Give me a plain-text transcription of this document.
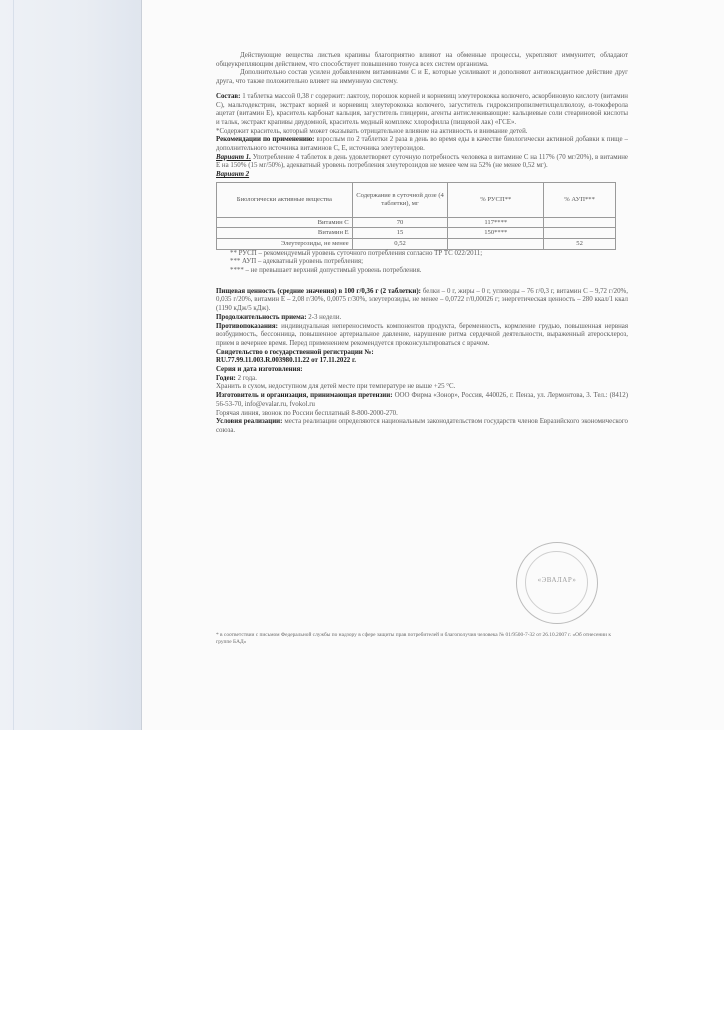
Действующие вещества листьев крапивы благоприятно влияют на обменные процессы, укрепляют иммунитет, обладают общеукрепляющим действием, что способствует повышению тонуса всех систем организма.

Дополнительно состав усилен добавлением витаминами С и Е, которые усиливают и дополняют антиоксидантное действие друг друга, что также положительно влияет на иммунную систему.

Состав: 1 таблетка массой 0,38 г содержит: лактозу, порошок корней и корневищ элеутерококка колючего, аскорбиновую кислоту (витамин С), мальтодекстрин, экстракт корней и корневищ элеутерококка колючего, загуститель гидроксипропилметилцеллюлозу, α-токоферола ацетат (витамин Е), краситель карбонат кальция, загуститель глицерин, агенты антислеживающие: кальциевые соли стеариновой кислоты и тальк, экстракт крапивы двудомной, краситель медный комплекс хлорофилла (пищевой лак) «ГСЕ».

*Содержит краситель, который может оказывать отрицательное влияние на активность и внимание детей.

Рекомендации по применению: взрослым по 2 таблетки 2 раза в день во время еды в качестве биологически активной добавки к пище – дополнительного источника витаминов С, Е, источника элеутерозидов.

Вариант 1. Употребление 4 таблеток в день удовлетворяет суточную потребность человека в витамине С на 117% (70 мг/20%), в витамине Е на 150% (15 мг/50%), адекватный уровень потребления элеутерозидов не менее чем на 52% (не менее 0,52 мг).

Вариант 2

Биологически активные вещества	Содержание в суточной дозе (4 таблетки), мг	% РУСП**	% АУП***
Витамин С	70	117****	
Витамин Е	15	150****	
Элеутерозиды, не менее	0,52		52

** РУСП – рекомендуемый уровень суточного потребления согласно ТР ТС 022/2011;

*** АУП – адекватный уровень потребления;

**** – не превышает верхний допустимый уровень потребления.

Пищевая ценность (средние значения) в 100 г/0,36 г (2 таблетки): белки – 0 г, жиры – 0 г, углеводы – 76 г/0,3 г, витамин С – 9,72 г/20%, 0,035 г/20%, витамин Е – 2,08 г/30%, 0,0075 г/30%, элеутерозиды, не менее – 0,0722 г/0,00026 г; энергетическая ценность – 280 ккал/1 ккал (1190 кДж/5 кДж).

Продолжительность приема: 2-3 недели.

Противопоказания: индивидуальная непереносимость компонентов продукта, беременность, кормление грудью, повышенная нервная возбудимость, бессонница, повышенное артериальное давление, нарушение ритма сердечной деятельности, выраженный атеросклероз, прием в вечернее время. Перед применением рекомендуется проконсультироваться с врачом.

Свидетельство о государственной регистрации №:

RU.77.99.11.003.R.003980.11.22 от 17.11.2022 г.

Серия и дата изготовления:

Годен: 2 года.

Хранить в сухом, недоступном для детей месте при температуре не выше +25 °С.

Изготовитель и организация, принимающая претензии: ООО Фирма «Зонор», Россия, 440026, г. Пенза, ул. Лермонтова, 3. Тел.: (8412) 56-53-70, info@evalar.ru, fvokol.ru

Горячая линия, звонок по России бесплатный 8-800-2000-270.

Условия реализации: места реализации определяются национальным законодательством государств членов Евразийского экономического союза.

* в соответствии с письмом Федеральной службы по надзору в сфере защиты прав потребителей и благополучия человека № 01/9500-7-32 от 26.10.2007 г. «Об отнесении к группе БАД»
«ЭВАЛАР»
